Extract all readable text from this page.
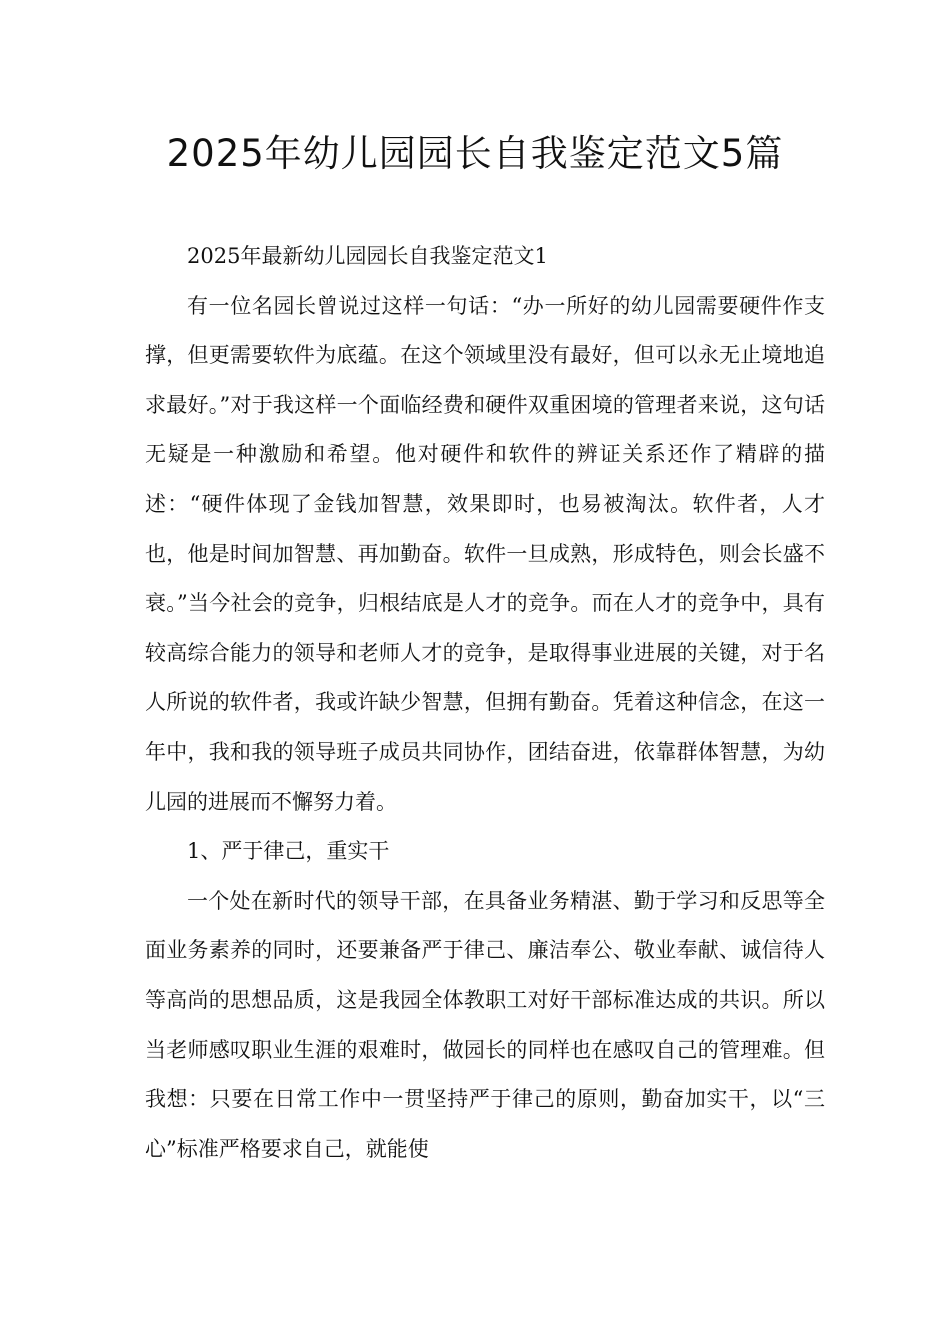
2025年幼儿园园长自我鉴定范文5篇

2025年最新幼儿园园长自我鉴定范文1

有一位名园长曾说过这样一句话：“办一所好的幼儿园需要硬件作支撑，但更需要软件为底蕴。在这个领域里没有最好，但可以永无止境地追求最好。”对于我这样一个面临经费和硬件双重困境的管理者来说，这句话无疑是一种激励和希望。他对硬件和软件的辨证关系还作了精辟的描述：“硬件体现了金钱加智慧，效果即时，也易被淘汰。软件者，人才也，他是时间加智慧、再加勤奋。软件一旦成熟，形成特色，则会长盛不衰。”当今社会的竞争，归根结底是人才的竞争。而在人才的竞争中，具有较高综合能力的领导和老师人才的竞争，是取得事业进展的关键，对于名人所说的软件者，我或许缺少智慧，但拥有勤奋。凭着这种信念，在这一年中，我和我的领导班子成员共同协作，团结奋进，依靠群体智慧，为幼儿园的进展而不懈努力着。

1、严于律己，重实干

一个处在新时代的领导干部，在具备业务精湛、勤于学习和反思等全面业务素养的同时，还要兼备严于律己、廉洁奉公、敬业奉献、诚信待人等高尚的思想品质，这是我园全体教职工对好干部标准达成的共识。所以当老师感叹职业生涯的艰难时，做园长的同样也在感叹自己的管理难。但我想：只要在日常工作中一贯坚持严于律己的原则，勤奋加实干，以“三心”标准严格要求自己，就能使
